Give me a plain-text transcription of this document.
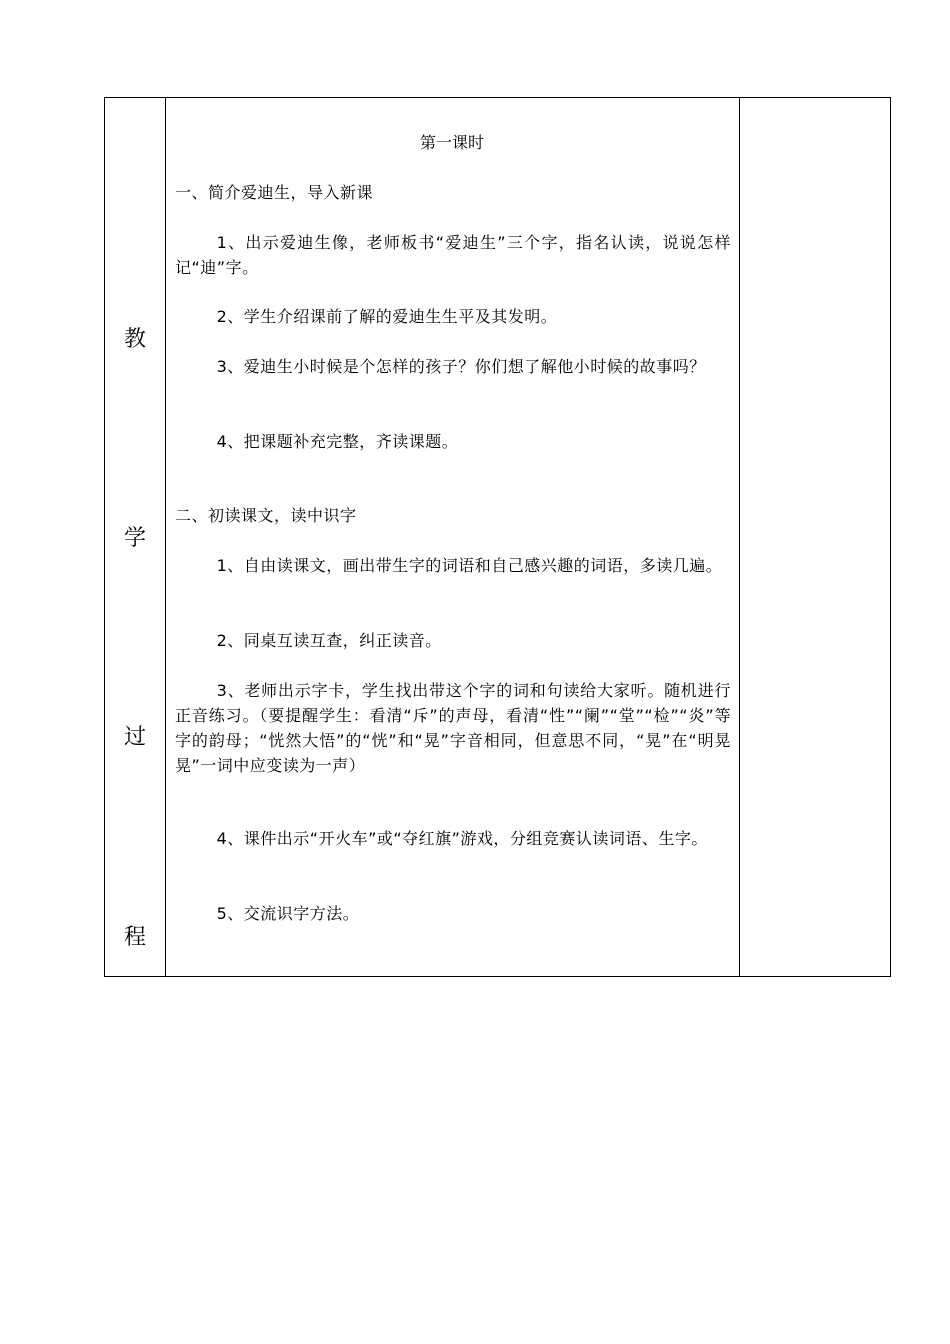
教
学
过
程
第一课时
一、简介爱迪生，导入新课
1、出示爱迪生像，老师板书“爱迪生”三个字，指名认读，说说怎样记“迪”字。
2、学生介绍课前了解的爱迪生生平及其发明。
3、爱迪生小时候是个怎样的孩子？你们想了解他小时候的故事吗？
4、把课题补充完整，齐读课题。
二、初读课文，读中识字
1、自由读课文，画出带生字的词语和自己感兴趣的词语，多读几遍。
2、同桌互读互查，纠正读音。
3、老师出示字卡，学生找出带这个字的词和句读给大家听。随机进行正音练习。（要提醒学生：看清“斥”的声母，看清“性”“阑”“堂”“检”“炎”等字的韵母；“恍然大悟”的“恍”和“晃”字音相同，但意思不同，“晃”在“明晃晃”一词中应变读为一声）
4、课件出示“开火车”或“夺红旗”游戏，分组竞赛认读词语、生字。
5、交流识字方法。
